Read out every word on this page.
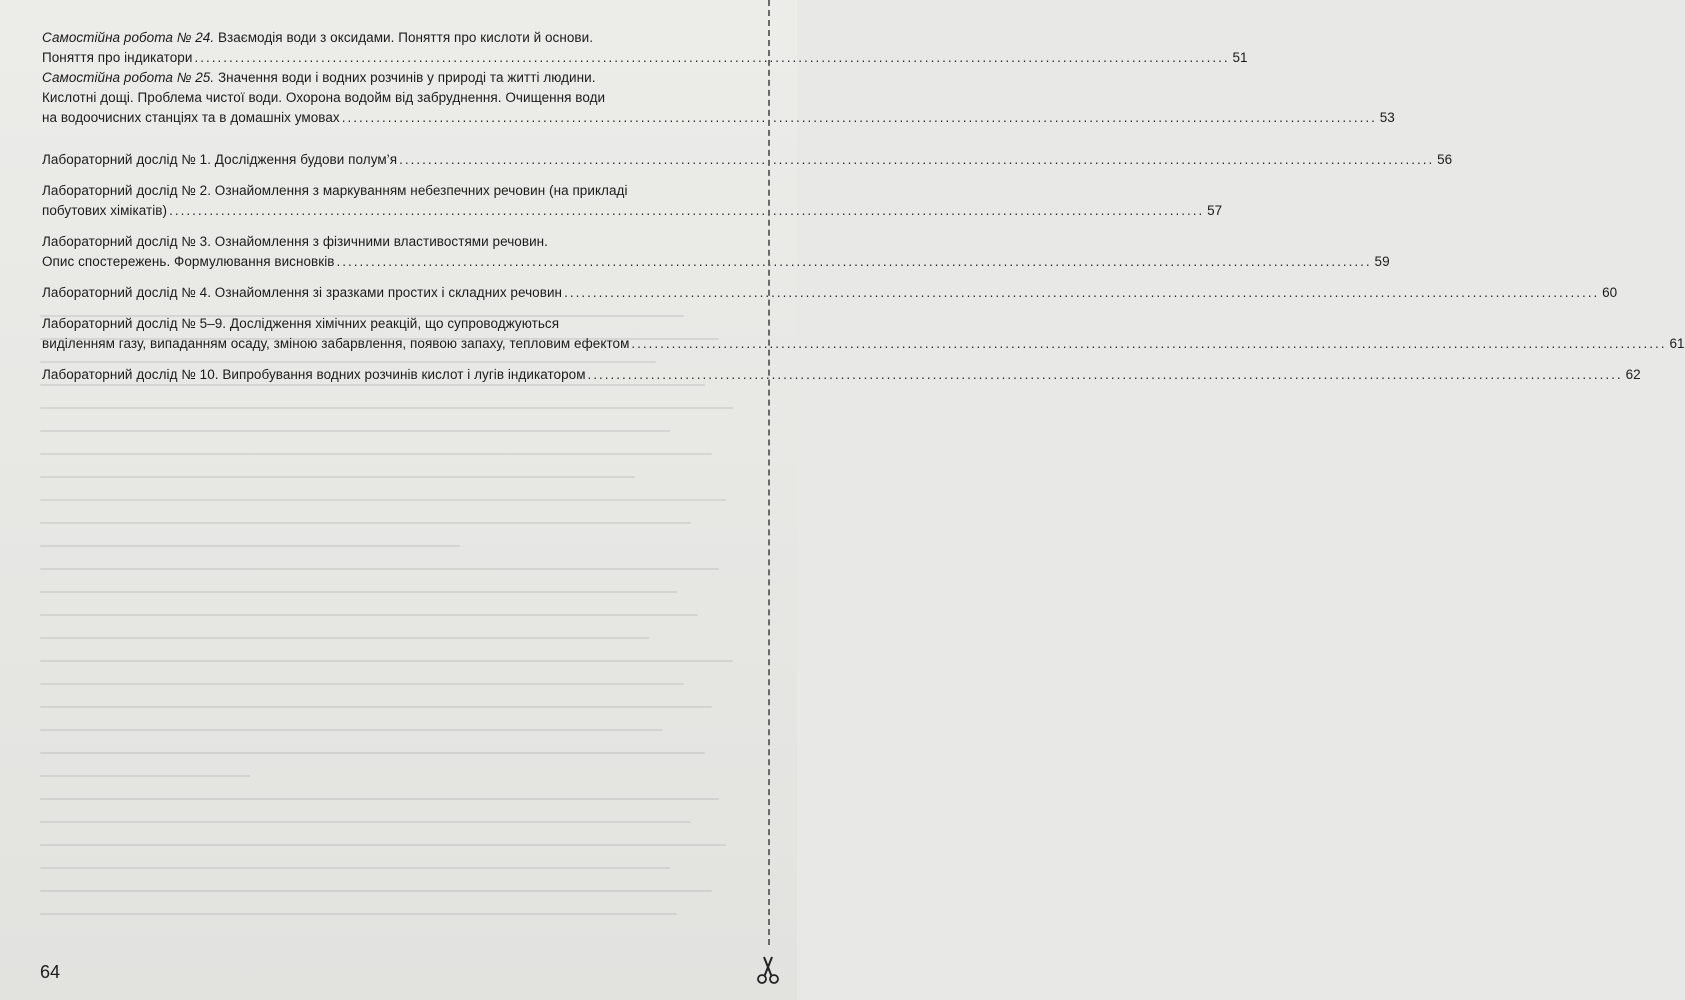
Самостійна робота № 24. Взаємодія води з оксидами. Поняття про кислоти й основи.
Поняття про індикатори .................................................................................................................................................................................... 51
Самостійна робота № 25. Значення води і водних розчинів у природі та житті людини.
Кислотні дощі. Проблема чистої води. Охорона водойм від забруднення. Очищення води
на водоочисних станціях та в домашніх умовах .................................................................................................................................................................................... 53
Лабораторний дослід № 1. Дослідження будови полум’я .................................................................................................................................................................................... 56
Лабораторний дослід № 2. Ознайомлення з маркуванням небезпечних речовин (на прикладі
побутових хімікатів) .................................................................................................................................................................................... 57
Лабораторний дослід № 3. Ознайомлення з фізичними властивостями речовин.
Опис спостережень. Формулювання висновків .................................................................................................................................................................................... 59
Лабораторний дослід № 4. Ознайомлення зі зразками простих і складних речовин .................................................................................................................................................................................... 60
Лабораторний дослід № 5–9. Дослідження хімічних реакцій, що супроводжуються
виділенням газу, випаданням осаду, зміною забарвлення, появою запаху, тепловим ефектом .................................................................................................................................................................................... 61
Лабораторний дослід № 10. Випробування водних розчинів кислот і лугів індикатором .................................................................................................................................................................................... 62
64
